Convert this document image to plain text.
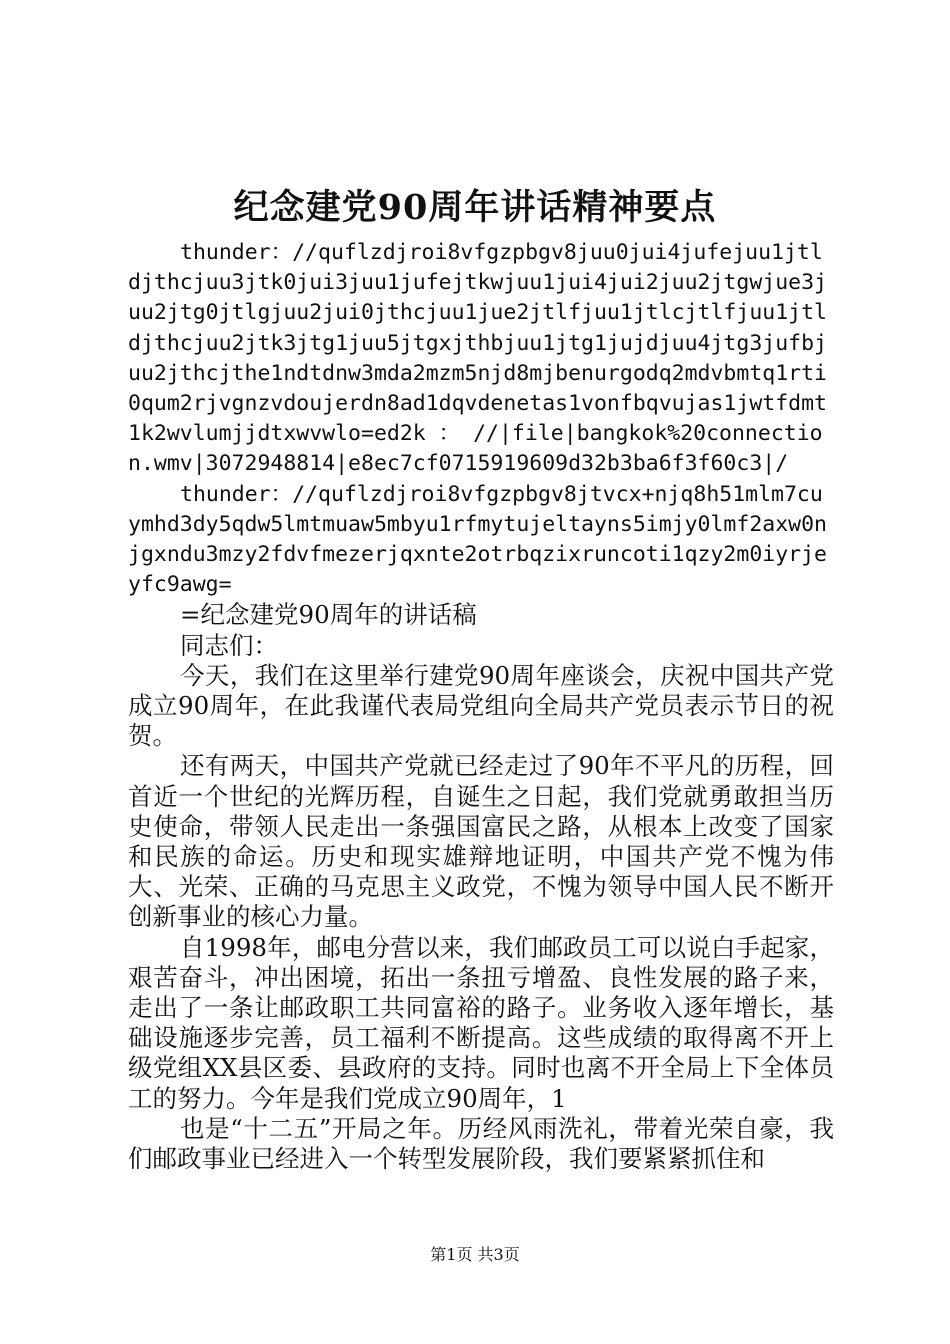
纪念建党90周年讲话精神要点

thunder：//quflzdjroi8vfgzpbgv8juu0jui4jufejuu1jtldjthcjuu3jtk0jui3juu1jufejtkwjuu1jui4jui2juu2jtgwjue3juu2jtg0jtlgjuu2jui0jthcjuu1jue2jtlfjuu1jtlcjtlfjuu1jtldjthcjuu2jtk3jtg1juu5jtgxjthbjuu1jtg1jujdjuu4jtg3jufbjuu2jthcjthe1ndtdnw3mda2mzm5njd8mjbenurgodq2mdvbmtq1rti0qum2rjvgnzvdoujerdn8ad1dqvdenetas1vonfbqvujas1jwtfdmt1k2wvlumjjdtxwvwlo=ed2k ： //|file|bangkok%20connection.wmv|3072948814|e8ec7cf0715919609d32b3ba6f3f60c3|/

thunder：//quflzdjroi8vfgzpbgv8jtvcx+njq8h51mlm7cuymhd3dy5qdw5lmtmuaw5mbyu1rfmytujeltayns5imjy0lmf2axw0njgxndu3mzy2fdvfmezerjqxnte2otrbqzixruncoti1qzy2m0iyrjeyfc9awg=

=纪念建党90周年的讲话稿

同志们：

今天，我们在这里举行建党90周年座谈会，庆祝中国共产党成立90周年，在此我谨代表局党组向全局共产党员表示节日的祝贺。

还有两天，中国共产党就已经走过了90年不平凡的历程，回首近一个世纪的光辉历程，自诞生之日起，我们党就勇敢担当历史使命，带领人民走出一条强国富民之路，从根本上改变了国家和民族的命运。历史和现实雄辩地证明，中国共产党不愧为伟大、光荣、正确的马克思主义政党，不愧为领导中国人民不断开创新事业的核心力量。

自1998年，邮电分营以来，我们邮政员工可以说白手起家，艰苦奋斗，冲出困境，拓出一条扭亏增盈、良性发展的路子来，走出了一条让邮政职工共同富裕的路子。业务收入逐年增长，基础设施逐步完善，员工福利不断提高。这些成绩的取得离不开上级党组XX县区委、县政府的支持。同时也离不开全局上下全体员工的努力。今年是我们党成立90周年，1

也是“十二五”开局之年。历经风雨洗礼，带着光荣自豪，我们邮政事业已经进入一个转型发展阶段，我们要紧紧抓住和

第1页 共3页
